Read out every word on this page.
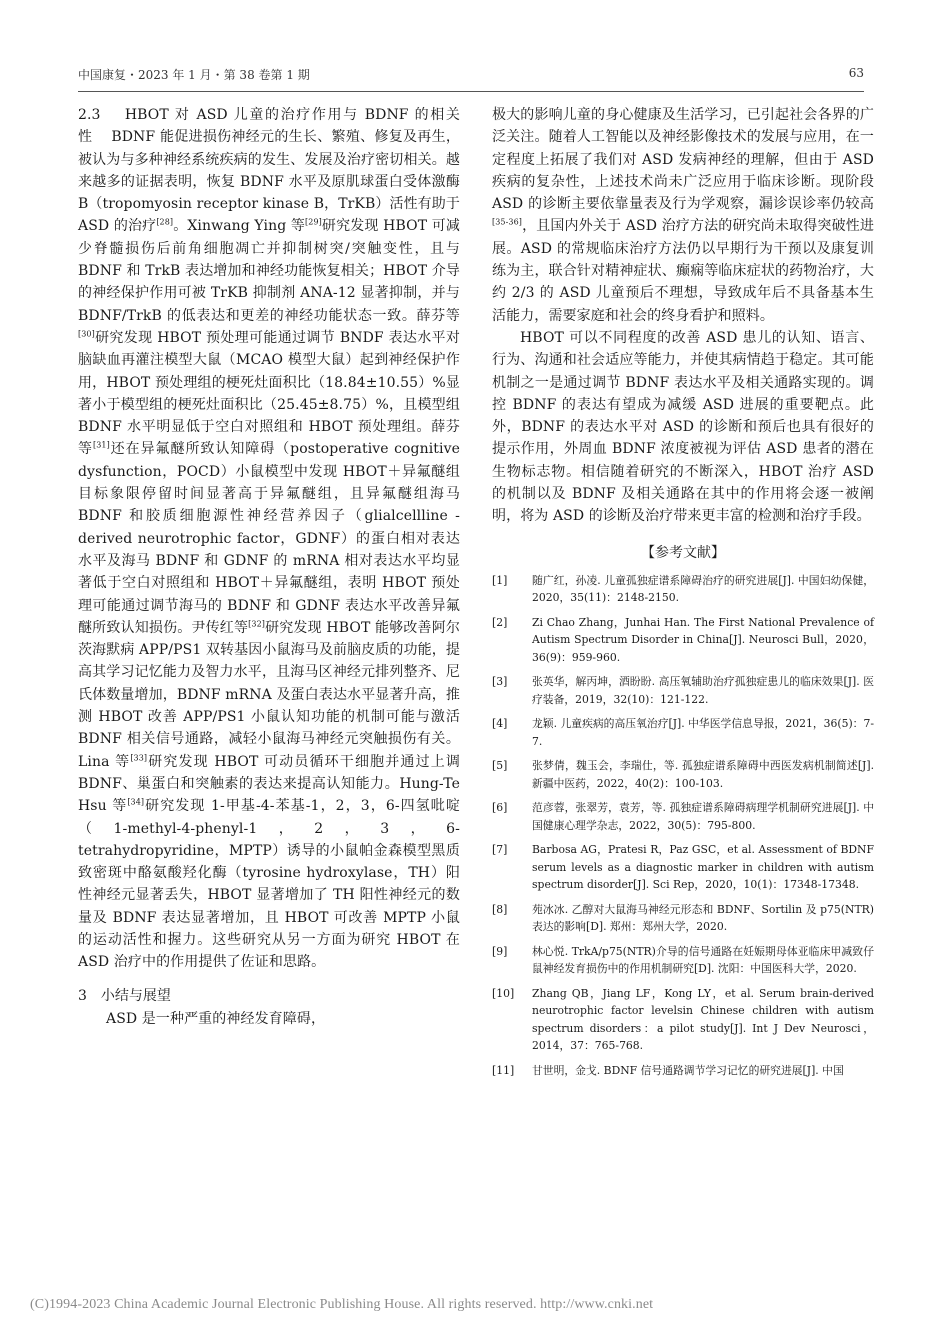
中国康复・2023 年 1 月・第 38 卷第 1 期	63

2.3 HBOT 对 ASD 儿童的治疗作用与 BDNF 的相关性 BDNF 能促进损伤神经元的生长、繁殖、修复及再生，被认为与多种神经系统疾病的发生、发展及治疗密切相关。越来越多的证据表明，恢复 BDNF 水平及原肌球蛋白受体激酶 B（tropomyosin receptor kinase B，TrKB）活性有助于 ASD 的治疗[28]。Xinwang Ying 等[29]研究发现 HBOT 可减少脊髓损伤后前角细胞凋亡并抑制树突/突触变性，且与 BDNF 和 TrkB 表达增加和神经功能恢复相关；HBOT 介导的神经保护作用可被 TrKB 抑制剂 ANA-12 显著抑制，并与 BDNF/TrkB 的低表达和更差的神经功能状态一致。薛芬等[30]研究发现 HBOT 预处理可能通过调节 BNDF 表达水平对脑缺血再灌注模型大鼠（MCAO 模型大鼠）起到神经保护作用，HBOT 预处理组的梗死灶面积比（18.84±10.55）%显著小于模型组的梗死灶面积比（25.45±8.75）%，且模型组 BDNF 水平明显低于空白对照组和 HBOT 预处理组。薛芬等[31]还在异氟醚所致认知障碍（postoperative cognitive dysfunction，POCD）小鼠模型中发现 HBOT＋异氟醚组目标象限停留时间显著高于异氟醚组，且异氟醚组海马 BDNF 和胶质细胞源性神经营养因子（glialcellline -derived neurotrophic factor，GDNF）的蛋白相对表达水平及海马 BDNF 和 GDNF 的 mRNA 相对表达水平均显著低于空白对照组和 HBOT＋异氟醚组，表明 HBOT 预处理可能通过调节海马的 BDNF 和 GDNF 表达水平改善异氟醚所致认知损伤。尹传红等[32]研究发现 HBOT 能够改善阿尔茨海默病 APP/PS1 双转基因小鼠海马及前脑皮质的功能，提高其学习记忆能力及智力水平，且海马区神经元排列整齐、尼氏体数量增加，BDNF mRNA 及蛋白表达水平显著升高，推测 HBOT 改善 APP/PS1 小鼠认知功能的机制可能与激活 BDNF 相关信号通路，减轻小鼠海马神经元突触损伤有关。Lina 等[33]研究发现 HBOT 可动员循环干细胞并通过上调 BDNF、巢蛋白和突触素的表达来提高认知能力。Hung-Te Hsu 等[34]研究发现 1-甲基-4-苯基-1，2，3，6-四氢吡啶（1-methyl-4-phenyl-1，2，3，6-tetrahydropyridine，MPTP）诱导的小鼠帕金森模型黑质致密斑中酪氨酸羟化酶（tyrosine hydroxylase，TH）阳性神经元显著丢失，HBOT 显著增加了 TH 阳性神经元的数量及 BDNF 表达显著增加，且 HBOT 可改善 MPTP 小鼠的运动活性和握力。这些研究从另一方面为研究 HBOT 在 ASD 治疗中的作用提供了佐证和思路。

3 小结与展望

ASD 是一种严重的神经发育障碍，

极大的影响儿童的身心健康及生活学习，已引起社会各界的广泛关注。随着人工智能以及神经影像技术的发展与应用，在一定程度上拓展了我们对 ASD 发病神经的理解，但由于 ASD 疾病的复杂性，上述技术尚未广泛应用于临床诊断。现阶段 ASD 的诊断主要依靠量表及行为学观察，漏诊误诊率仍较高[35-36]，且国内外关于 ASD 治疗方法的研究尚未取得突破性进展。ASD 的常规临床治疗方法仍以早期行为干预以及康复训练为主，联合针对精神症状、癫痫等临床症状的药物治疗，大约 2/3 的 ASD 儿童预后不理想，导致成年后不具备基本生活能力，需要家庭和社会的终身看护和照料。

HBOT 可以不同程度的改善 ASD 患儿的认知、语言、行为、沟通和社会适应等能力，并使其病情趋于稳定。其可能机制之一是通过调节 BDNF 表达水平及相关通路实现的。调控 BDNF 的表达有望成为减缓 ASD 进展的重要靶点。此外，BDNF 的表达水平对 ASD 的诊断和预后也具有很好的提示作用，外周血 BDNF 浓度被视为评估 ASD 患者的潜在生物标志物。相信随着研究的不断深入，HBOT 治疗 ASD 的机制以及 BDNF 及相关通路在其中的作用将会逐一被阐明，将为 ASD 的诊断及治疗带来更丰富的检测和治疗手段。

【参考文献】
[1] 随广红，孙凌. 儿童孤独症谱系障碍治疗的研究进展[J]. 中国妇幼保健，2020，35(11)：2148-2150.
[2] Zi Chao Zhang，Junhai Han. The First National Prevalence of Autism Spectrum Disorder in China[J]. Neurosci Bull，2020，36(9)：959-960.
[3] 张英华，解丙坤，酒盼盼. 高压氧辅助治疗孤独症患儿的临床效果[J]. 医疗装备，2019，32(10)：121-122.
[4] 龙颖. 儿童疾病的高压氧治疗[J]. 中华医学信息导报，2021，36(5)：7-7.
[5] 张梦倩，魏玉会，李瑞仕，等. 孤独症谱系障碍中西医发病机制简述[J]. 新疆中医药，2022，40(2)：100-103.
[6] 范彦蓉，张翠芳，袁芳，等. 孤独症谱系障碍病理学机制研究进展[J]. 中国健康心理学杂志，2022，30(5)：795-800.
[7] Barbosa AG，Pratesi R，Paz GSC，et al. Assessment of BDNF serum levels as a diagnostic marker in children with autism spectrum disorder[J]. Sci Rep，2020，10(1)：17348-17348.
[8] 苑冰冰. 乙醇对大鼠海马神经元形态和 BDNF、Sortilin 及 p75(NTR)表达的影响[D]. 郑州：郑州大学，2020.
[9] 林心悦. TrkA/p75(NTR)介导的信号通路在妊娠期母体亚临床甲减致仔鼠神经发育损伤中的作用机制研究[D]. 沈阳：中国医科大学，2020.
[10] Zhang QB，Jiang LF，Kong LY，et al. Serum brain-derived neurotrophic factor levelsin Chinese children with autism spectrum disorders：a pilot study[J]. Int J Dev Neurosci，2014，37：765-768.
[11] 甘世明，金戈. BDNF 信号通路调节学习记忆的研究进展[J]. 中国
(C)1994-2023 China Academic Journal Electronic Publishing House. All rights reserved. http://www.cnki.net
